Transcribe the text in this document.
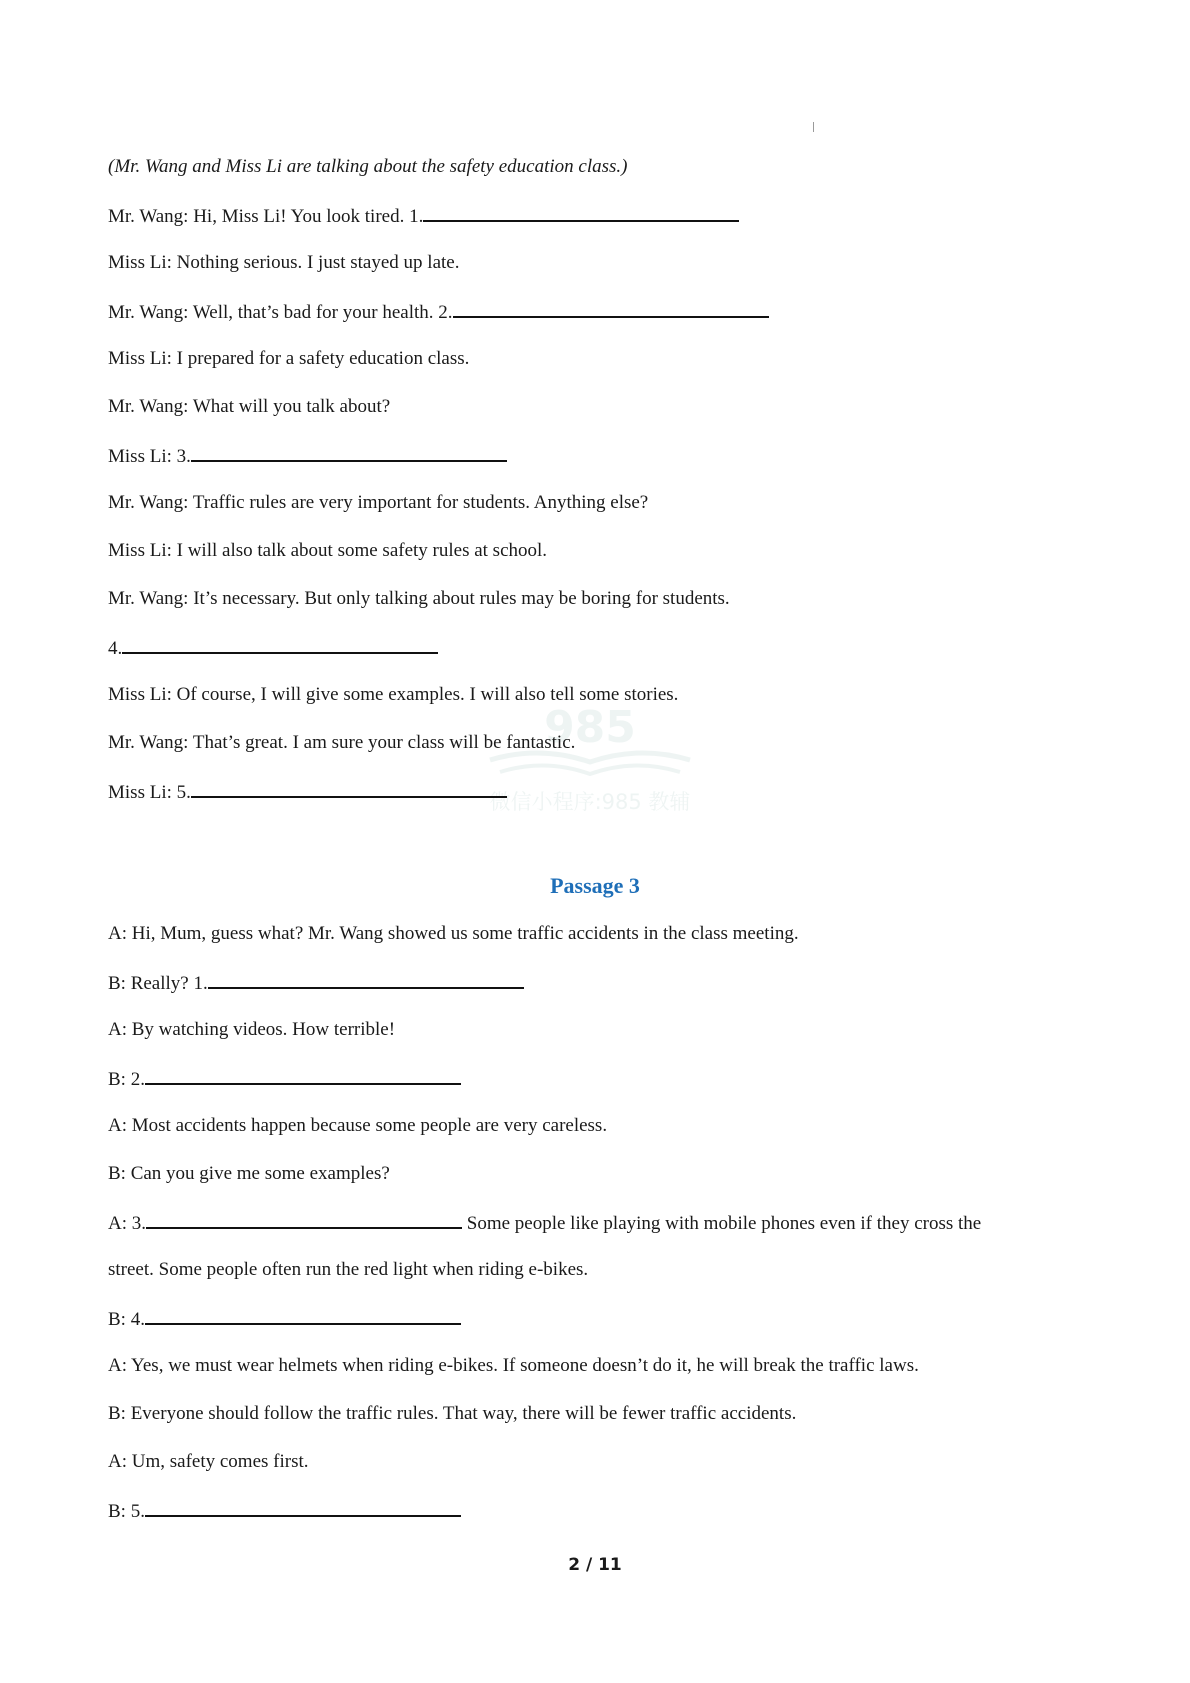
985
微信小程序:985 教辅
(Mr. Wang and Miss Li are talking about the safety education class.)
Mr. Wang: Hi, Miss Li! You look tired. 1.
Miss Li: Nothing serious. I just stayed up late.
Mr. Wang: Well, that’s bad for your health. 2.
Miss Li: I prepared for a safety education class.
Mr. Wang: What will you talk about?
Miss Li: 3.
Mr. Wang: Traffic rules are very important for students. Anything else?
Miss Li: I will also talk about some safety rules at school.
Mr. Wang: It’s necessary. But only talking about rules may be boring for students.
4.
Miss Li: Of course, I will give some examples. I will also tell some stories.
Mr. Wang: That’s great. I am sure your class will be fantastic.
Miss Li: 5.
Passage 3
A: Hi, Mum, guess what? Mr. Wang showed us some traffic accidents in the class meeting.
B: Really? 1.
A: By watching videos. How terrible!
B: 2.
A: Most accidents happen because some people are very careless.
B: Can you give me some examples?
A: 3.	Some people like playing with mobile phones even if they cross the
street. Some people often run the red light when riding e-bikes.
B: 4.
A: Yes, we must wear helmets when riding e-bikes. If someone doesn’t do it, he will break the traffic laws.
B: Everyone should follow the traffic rules. That way, there will be fewer traffic accidents.
A: Um, safety comes first.
B: 5.
2 / 11
